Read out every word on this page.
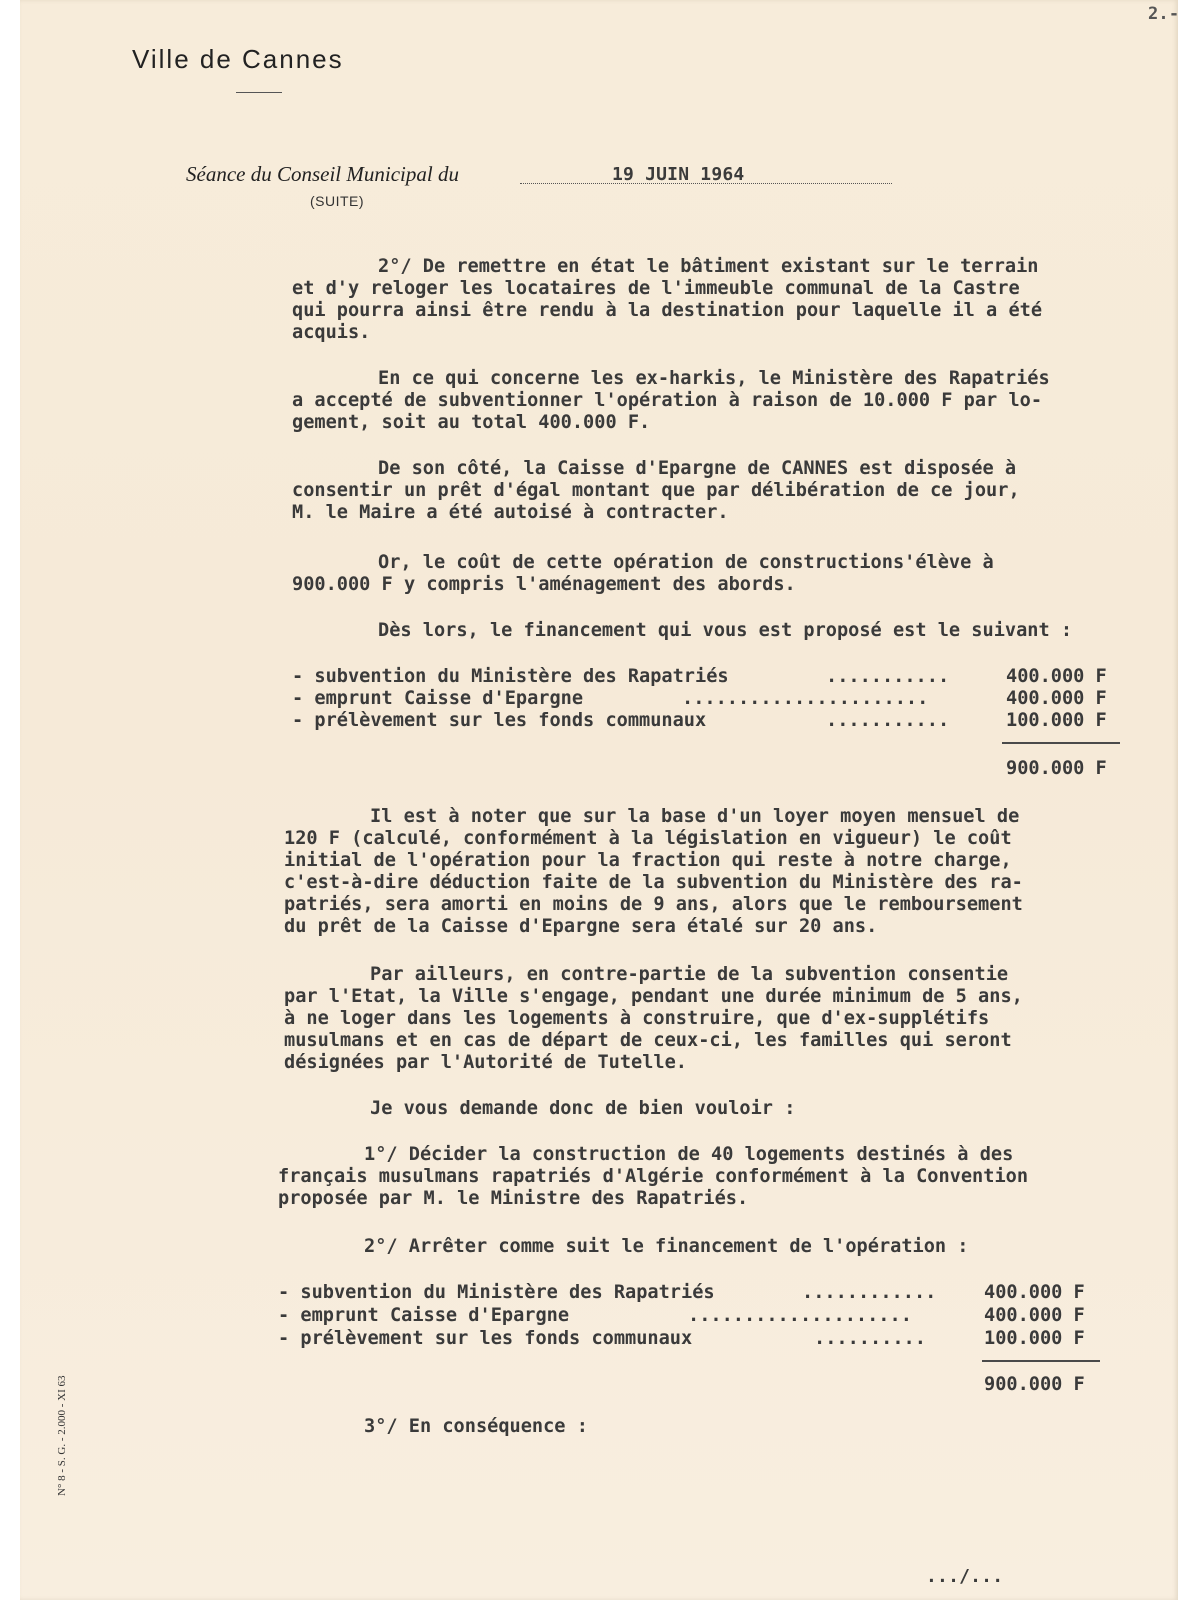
2.-
Ville de Cannes
Séance du Conseil Municipal du	19 JUIN 1964
(SUITE)
2°/ De remettre en état le bâtiment existant sur le terrain
et d'y reloger les locataires de l'immeuble communal de la Castre
qui pourra ainsi être rendu à la destination pour laquelle il a été
acquis.
En ce qui concerne les ex-harkis, le Ministère des Rapatriés
a accepté de subventionner l'opération à raison de 10.000 F par lo-
gement, soit au total 400.000 F.
De son côté, la Caisse d'Epargne de CANNES est disposée à
consentir un prêt d'égal montant que par délibération de ce jour,
M. le Maire a été autoisé à contracter.
Or, le coût de cette opération de constructions'élève à
900.000 F y compris l'aménagement des abords.
Dès lors, le financement qui vous est proposé est le suivant :
- subvention du Ministère des Rapatriés	...........	400.000 F
- emprunt Caisse d'Epargne	......................	400.000 F
- prélèvement sur les fonds communaux	...........	100.000 F
900.000 F
Il est à noter que sur la base d'un loyer moyen mensuel de
120 F (calculé, conformément à la législation en vigueur) le coût
initial de l'opération pour la fraction qui reste à notre charge,
c'est-à-dire déduction faite de la subvention du Ministère des ra-
patriés, sera amorti en moins de 9 ans, alors que le remboursement
du prêt de la Caisse d'Epargne sera étalé sur 20 ans.
Par ailleurs, en contre-partie de la subvention consentie
par l'Etat, la Ville s'engage, pendant une durée minimum de 5 ans,
à ne loger dans les logements à construire, que d'ex-supplétifs
musulmans et en cas de départ de ceux-ci, les familles qui seront
désignées par l'Autorité de Tutelle.
Je vous demande donc de bien vouloir :
1°/ Décider la construction de 40 logements destinés à des
français musulmans rapatriés d'Algérie conformément à la Convention
proposée par M. le Ministre des Rapatriés.
2°/ Arrêter comme suit le financement de l'opération :
- subvention du Ministère des Rapatriés	............	400.000 F
- emprunt Caisse d'Epargne	....................	400.000 F
- prélèvement sur les fonds communaux	..........	100.000 F
900.000 F
3°/ En conséquence :
N° 8 - S. G. - 2.000 - XI 63
.../...
